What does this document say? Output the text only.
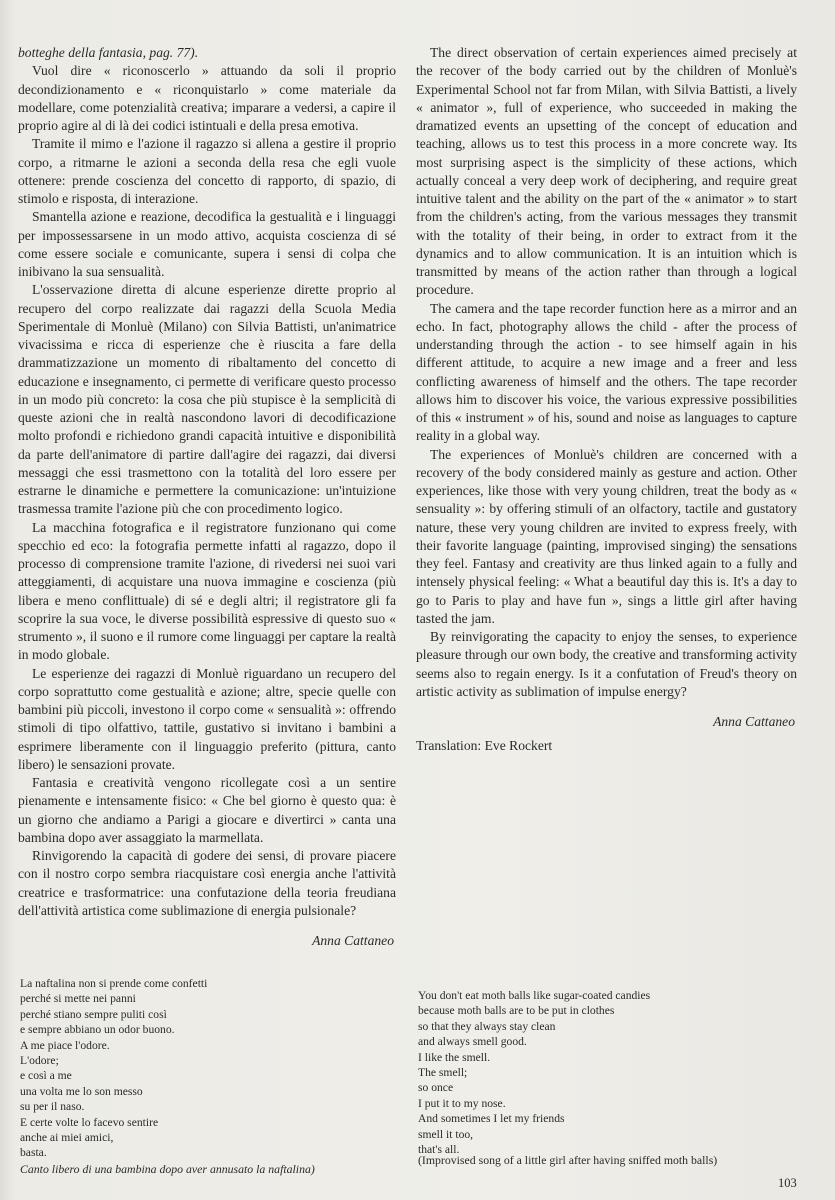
botteghe della fantasia, pag. 77).

Vuol dire « riconoscerlo » attuando da soli il proprio decondizionamento e « riconquistarlo » come materiale da modellare, come potenzialità creativa; imparare a vedersi, a capire il proprio agire al di là dei codici istintuali e della presa emotiva.

Tramite il mimo e l'azione il ragazzo si allena a gestire il proprio corpo, a ritmarne le azioni a seconda della resa che egli vuole ottenere: prende coscienza del concetto di rapporto, di spazio, di stimolo e risposta, di interazione.

Smantella azione e reazione, decodifica la gestualità e i linguaggi per impossessarsene in un modo attivo, acquista coscienza di sé come essere sociale e comunicante, supera i sensi di colpa che inibivano la sua sensualità.

L'osservazione diretta di alcune esperienze dirette proprio al recupero del corpo realizzate dai ragazzi della Scuola Media Sperimentale di Monluè (Milano) con Silvia Battisti, un'animatrice vivacissima e ricca di esperienze che è riuscita a fare della drammatizzazione un momento di ribaltamento del concetto di educazione e insegnamento, ci permette di verificare questo processo in un modo più concreto: la cosa che più stupisce è la semplicità di queste azioni che in realtà nascondono lavori di decodificazione molto profondi e richiedono grandi capacità intuitive e disponibilità da parte dell'animatore di partire dall'agire dei ragazzi, dai diversi messaggi che essi trasmettono con la totalità del loro essere per estrarne le dinamiche e permettere la comunicazione: un'intuizione trasmessa tramite l'azione più che con procedimento logico.

La macchina fotografica e il registratore funzionano qui come specchio ed eco: la fotografia permette infatti al ragazzo, dopo il processo di comprensione tramite l'azione, di rivedersi nei suoi vari atteggiamenti, di acquistare una nuova immagine e coscienza (più libera e meno conflittuale) di sé e degli altri; il registratore gli fa scoprire la sua voce, le diverse possibilità espressive di questo suo « strumento », il suono e il rumore come linguaggi per captare la realtà in modo globale.

Le esperienze dei ragazzi di Monluè riguardano un recupero del corpo soprattutto come gestualità e azione; altre, specie quelle con bambini più piccoli, investono il corpo come « sensualità »: offrendo stimoli di tipo olfattivo, tattile, gustativo si invitano i bambini a esprimere liberamente con il linguaggio preferito (pittura, canto libero) le sensazioni provate.

Fantasia e creatività vengono ricollegate così a un sentire pienamente e intensamente fisico: « Che bel giorno è questo qua: è un giorno che andiamo a Parigi a giocare e divertirci » canta una bambina dopo aver assaggiato la marmellata.

Rinvigorendo la capacità di godere dei sensi, di provare piacere con il nostro corpo sembra riacquistare così energia anche l'attività creatrice e trasformatrice: una confutazione della teoria freudiana dell'attività artistica come sublimazione di energia pulsionale?

Anna Cattaneo

The direct observation of certain experiences aimed precisely at the recover of the body carried out by the children of Monluè's Experimental School not far from Milan, with Silvia Battisti, a lively « animator », full of experience, who succeeded in making the dramatized events an upsetting of the concept of education and teaching, allows us to test this process in a more concrete way. Its most surprising aspect is the simplicity of these actions, which actually conceal a very deep work of deciphering, and require great intuitive talent and the ability on the part of the « animator » to start from the children's acting, from the various messages they transmit with the totality of their being, in order to extract from it the dynamics and to allow communication. It is an intuition which is transmitted by means of the action rather than through a logical procedure.

The camera and the tape recorder function here as a mirror and an echo. In fact, photography allows the child - after the process of understanding through the action - to see himself again in his different attitude, to acquire a new image and a freer and less conflicting awareness of himself and the others. The tape recorder allows him to discover his voice, the various expressive possibilities of this « instrument » of his, sound and noise as languages to capture reality in a global way.

The experiences of Monluè's children are concerned with a recovery of the body considered mainly as gesture and action. Other experiences, like those with very young children, treat the body as « sensuality »: by offering stimuli of an olfactory, tactile and gustatory nature, these very young children are invited to express freely, with their favorite language (painting, improvised singing) the sensations they feel. Fantasy and creativity are thus linked again to a fully and intensely physical feeling: « What a beautiful day this is. It's a day to go to Paris to play and have fun », sings a little girl after having tasted the jam.

By reinvigorating the capacity to enjoy the senses, to experience pleasure through our own body, the creative and transforming activity seems also to regain energy. Is it a confutation of Freud's theory on artistic activity as sublimation of impulse energy?

Anna Cattaneo
Translation: Eve Rockert
La naftalina non si prende come confetti
perché si mette nei panni
perché stiano sempre puliti così
e sempre abbiano un odor buono.
A me piace l'odore.
L'odore;
e così a me
una volta me lo son messo
su per il naso.
E certe volte lo facevo sentire
anche ai miei amici,
basta.
Canto libero di una bambina dopo aver annusato la naftalina)
You don't eat moth balls like sugar-coated candies
because moth balls are to be put in clothes
so that they always stay clean
and always smell good.
I like the smell.
The smell;
so once
I put it to my nose.
And sometimes I let my friends
smell it too,
that's all.
(Improvised song of a little girl after having sniffed moth balls)
103
